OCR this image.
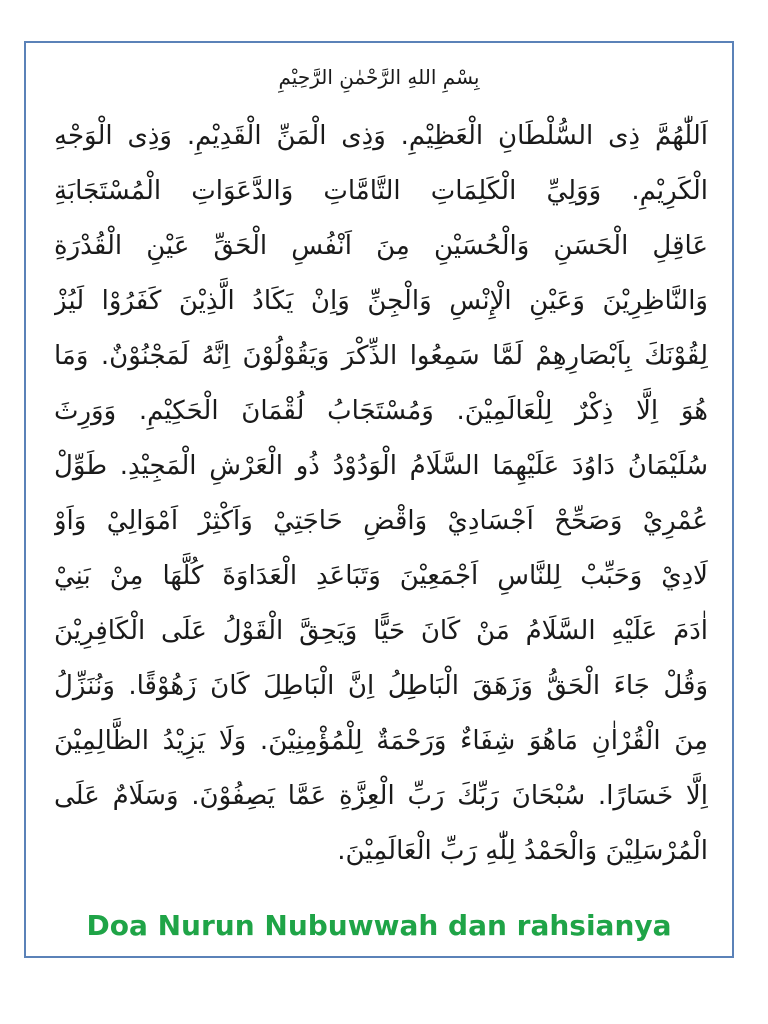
بِسْمِ اللهِ الرَّحْمٰنِ الرَّحِيْمِ
اَللّٰهُمَّ ذِى السُّلْطَانِ الْعَظِيْمِ. وَذِى الْمَنِّ الْقَدِيْمِ. وَذِى الْوَجْهِ
الْكَرِيْمِ. وَوَلِيِّ الْكَلِمَاتِ التَّامَّاتِ وَالدَّعَوَاتِ الْمُسْتَجَابَةِ
عَاقِلِ الْحَسَنِ وَالْحُسَيْنِ مِنَ اَنْفُسِ الْحَقِّ عَيْنِ الْقُدْرَةِ
وَالنَّاظِرِيْنَ وَعَيْنِ الْإِنْسِ وَالْجِنِّ وَاِنْ يَكَادُ الَّذِيْنَ كَفَرُوْا لَيُزْ
لِقُوْنَكَ بِاَبْصَارِهِمْ لَمَّا سَمِعُوا الذِّكْرَ وَيَقُوْلُوْنَ اِنَّهُ لَمَجْنُوْنٌ. وَمَا
هُوَ اِلَّا ذِكْرٌ لِلْعَالَمِيْنَ. وَمُسْتَجَابُ لُقْمَانَ الْحَكِيْمِ. وَوَرِثَ
سُلَيْمَانُ دَاوُدَ عَلَيْهِمَا السَّلَامُ الْوَدُوْدُ ذُو الْعَرْشِ الْمَجِيْدِ. طَوِّلْ
عُمْرِيْ وَصَحِّحْ اَجْسَادِيْ وَاقْضِ حَاجَتِيْ وَاَكْثِرْ اَمْوَالِيْ وَاَوْ
لَادِيْ وَحَبِّبْ لِلنَّاسِ اَجْمَعِيْنَ وَتَبَاعَدِ الْعَدَاوَةَ كُلَّهَا مِنْ بَنِيْ
اٰدَمَ عَلَيْهِ السَّلَامُ مَنْ كَانَ حَيًّا وَيَحِقَّ الْقَوْلُ عَلَى الْكَافِرِيْنَ
وَقُلْ جَاءَ الْحَقُّ وَزَهَقَ الْبَاطِلُ اِنَّ الْبَاطِلَ كَانَ زَهُوْقًا. وَنُنَزِّلُ
مِنَ الْقُرْاٰنِ مَاهُوَ شِفَاءٌ وَرَحْمَةٌ لِلْمُؤْمِنِيْنَ. وَلَا يَزِيْدُ الظَّالِمِيْنَ
اِلَّا خَسَارًا. سُبْحَانَ رَبِّكَ رَبِّ الْعِزَّةِ عَمَّا يَصِفُوْنَ. وَسَلَامٌ عَلَى
الْمُرْسَلِيْنَ وَالْحَمْدُ لِلّٰهِ رَبِّ الْعَالَمِيْنَ.
Doa Nurun Nubuwwah dan rahsianya
